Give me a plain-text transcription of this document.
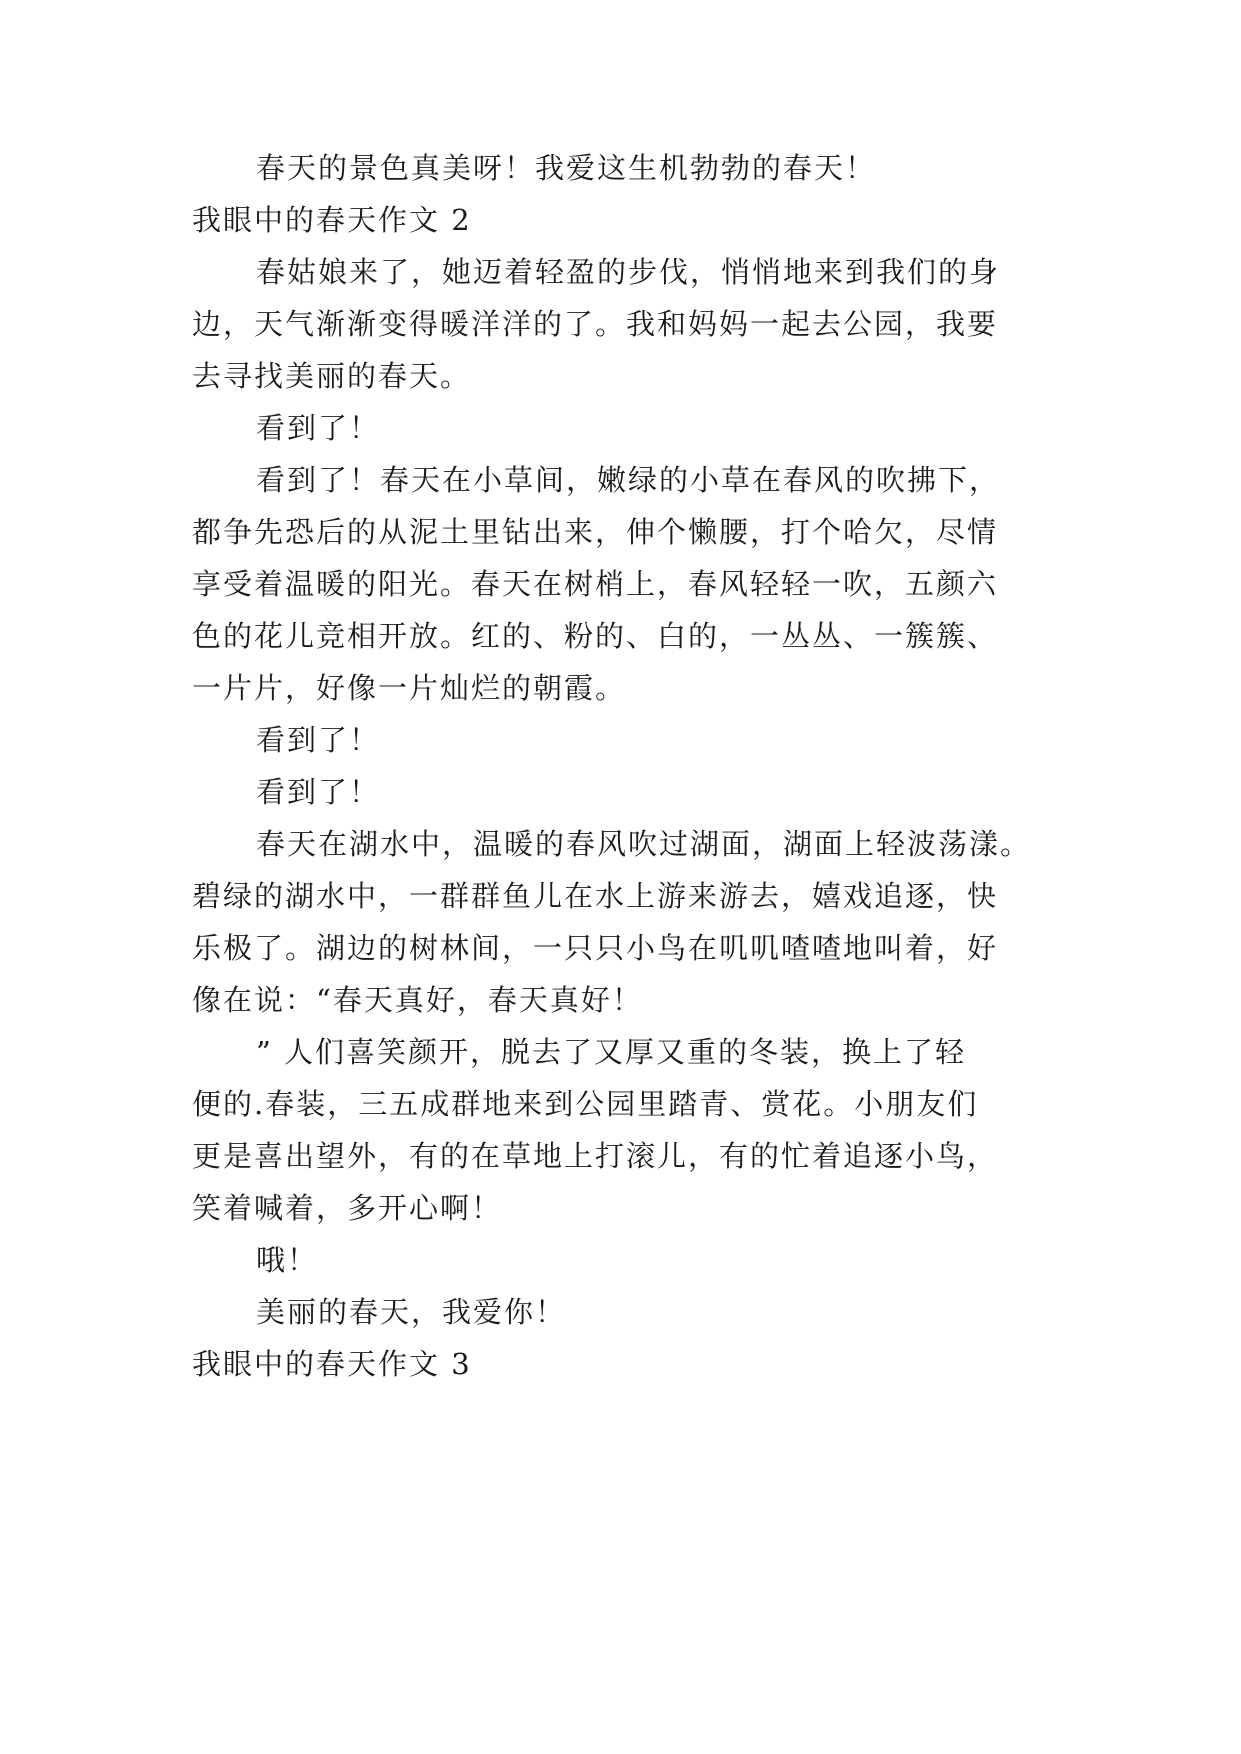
春天的景色真美呀！我爱这生机勃勃的春天！
我眼中的春天作文 2
春姑娘来了，她迈着轻盈的步伐，悄悄地来到我们的身
边，天气渐渐变得暖洋洋的了。我和妈妈一起去公园，我要
去寻找美丽的春天。
看到了！
看到了！春天在小草间，嫩绿的小草在春风的吹拂下，
都争先恐后的从泥土里钻出来，伸个懒腰，打个哈欠，尽情
享受着温暖的阳光。春天在树梢上，春风轻轻一吹，五颜六
色的花儿竞相开放。红的、粉的、白的，一丛丛、一簇簇、
一片片，好像一片灿烂的朝霞。
看到了！
看到了！
春天在湖水中，温暖的春风吹过湖面，湖面上轻波荡漾。
碧绿的湖水中，一群群鱼儿在水上游来游去，嬉戏追逐，快
乐极了。湖边的树林间，一只只小鸟在叽叽喳喳地叫着，好
像在说：“春天真好，春天真好！
” 人们喜笑颜开，脱去了又厚又重的冬装，换上了轻
便的.春装，三五成群地来到公园里踏青、赏花。小朋友们
更是喜出望外，有的在草地上打滚儿，有的忙着追逐小鸟，
笑着喊着，多开心啊！
哦！
美丽的春天，我爱你！
我眼中的春天作文 3
